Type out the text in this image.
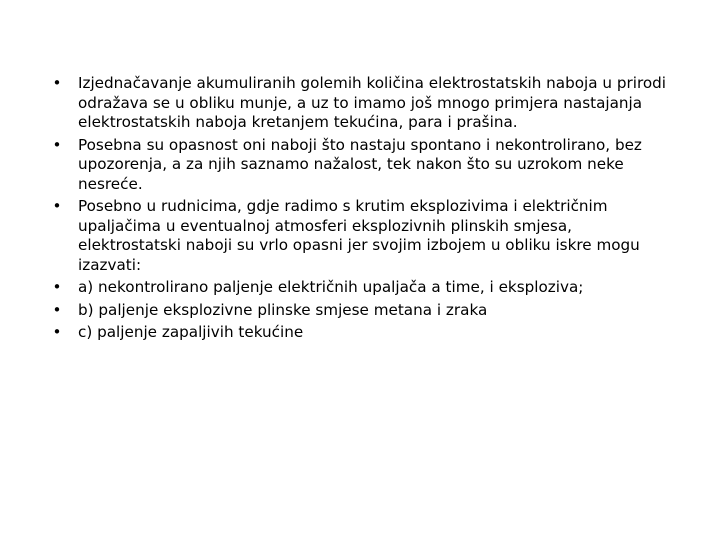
• Izjednačavanje akumuliranih golemih količina elektrostatskih naboja u prirodi odražava se u obliku munje, a uz to imamo još mnogo primjera nastajanja elektrostatskih naboja kretanjem tekućina, para i prašina.
• Posebna su opasnost oni naboji što nastaju spontano i nekontrolirano, bez upozorenja, a za njih saznamo nažalost, tek nakon što su uzrokom neke nesreće.
• Posebno u rudnicima, gdje radimo s krutim eksplozivima i električnim upaljačima u eventualnoj atmosferi eksplozivnih plinskih smjesa, elektrostatski naboji su vrlo opasni jer svojim izbojem u obliku iskre mogu izazvati:
• a) nekontrolirano paljenje električnih upaljača a time, i eksploziva;
• b) paljenje eksplozivne plinske smjese metana i zraka
• c) paljenje zapaljivih tekućine
